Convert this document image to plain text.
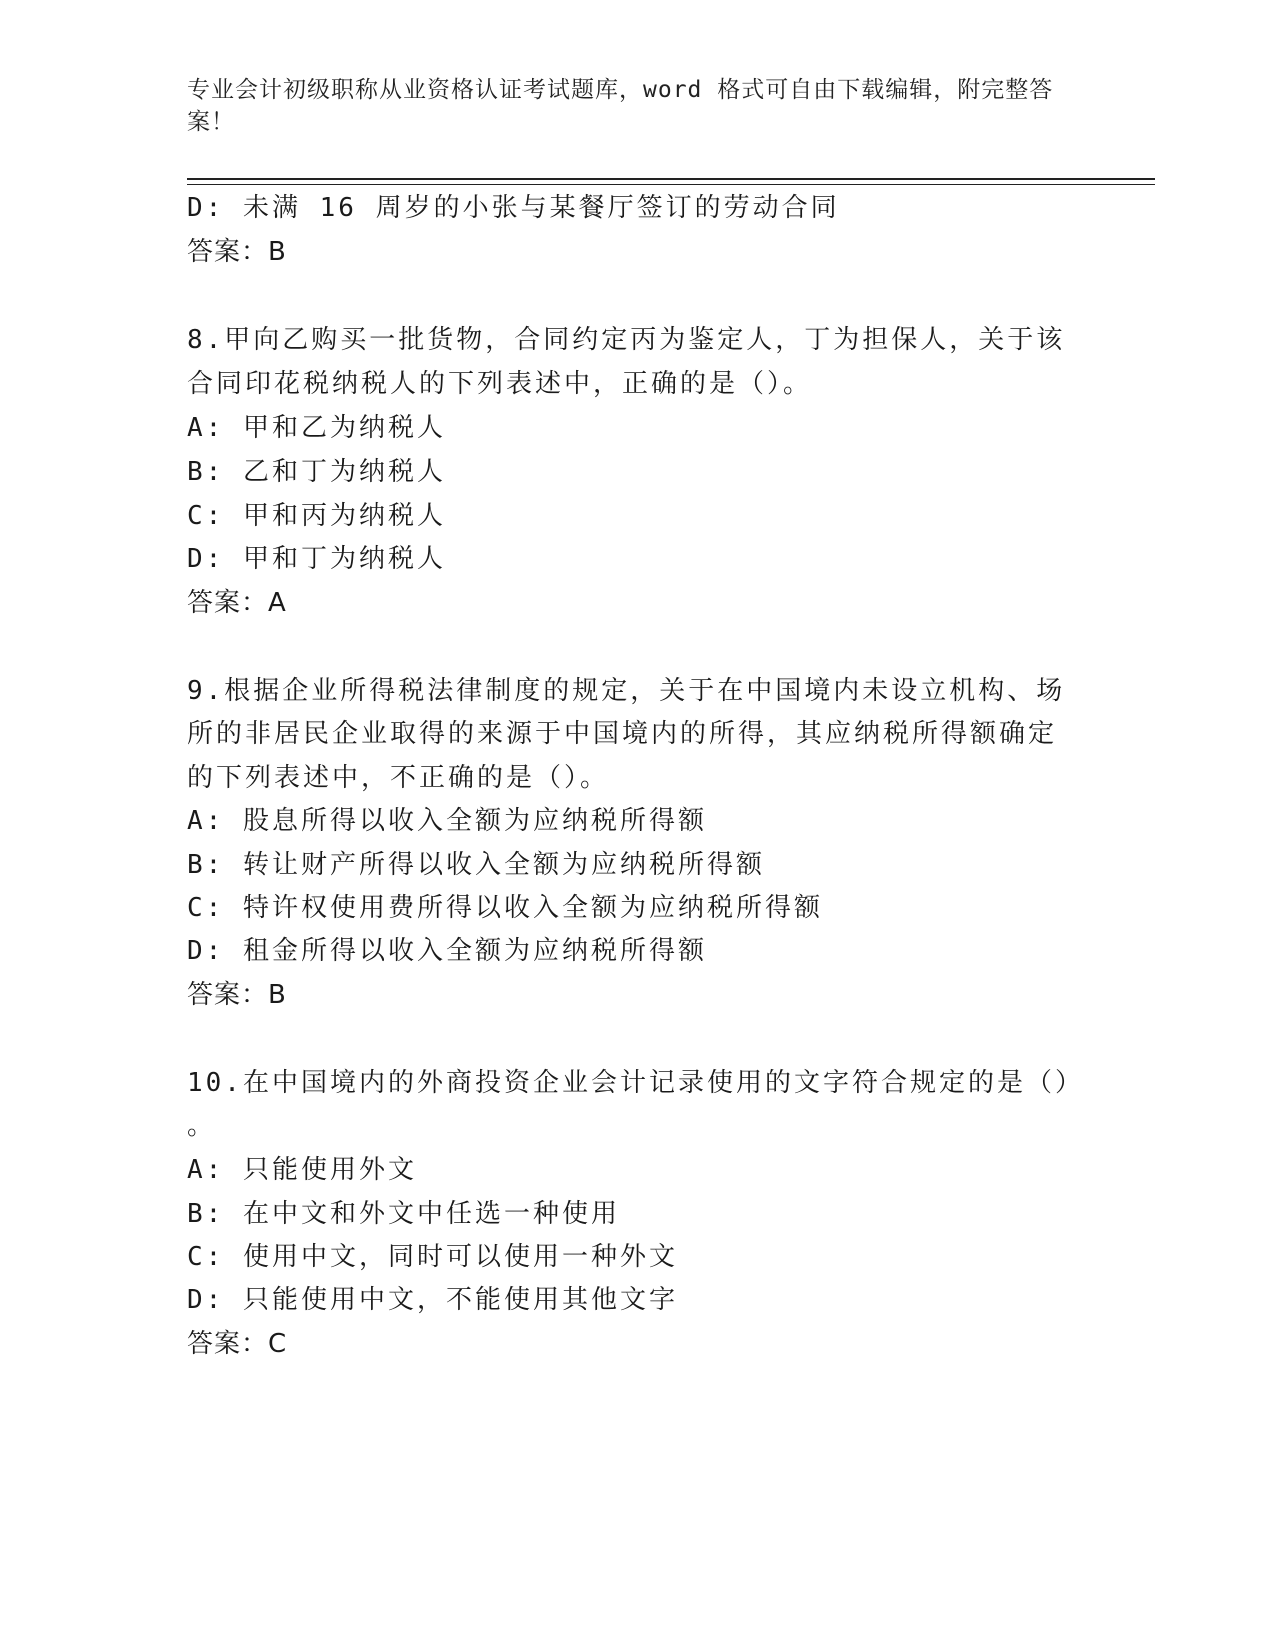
专业会计初级职称从业资格认证考试题库，word 格式可自由下载编辑，附完整答案！
D: 未满 16 周岁的小张与某餐厅签订的劳动合同
答案：B
8.甲向乙购买一批货物，合同约定丙为鉴定人，丁为担保人，关于该
合同印花税纳税人的下列表述中，正确的是（）。
A: 甲和乙为纳税人
B: 乙和丁为纳税人
C: 甲和丙为纳税人
D: 甲和丁为纳税人
答案：A
9.根据企业所得税法律制度的规定，关于在中国境内未设立机构、场
所的非居民企业取得的来源于中国境内的所得，其应纳税所得额确定
的下列表述中，不正确的是（）。
A: 股息所得以收入全额为应纳税所得额
B: 转让财产所得以收入全额为应纳税所得额
C: 特许权使用费所得以收入全额为应纳税所得额
D: 租金所得以收入全额为应纳税所得额
答案：B
10.在中国境内的外商投资企业会计记录使用的文字符合规定的是（）
。
A: 只能使用外文
B: 在中文和外文中任选一种使用
C: 使用中文，同时可以使用一种外文
D: 只能使用中文，不能使用其他文字
答案：C
